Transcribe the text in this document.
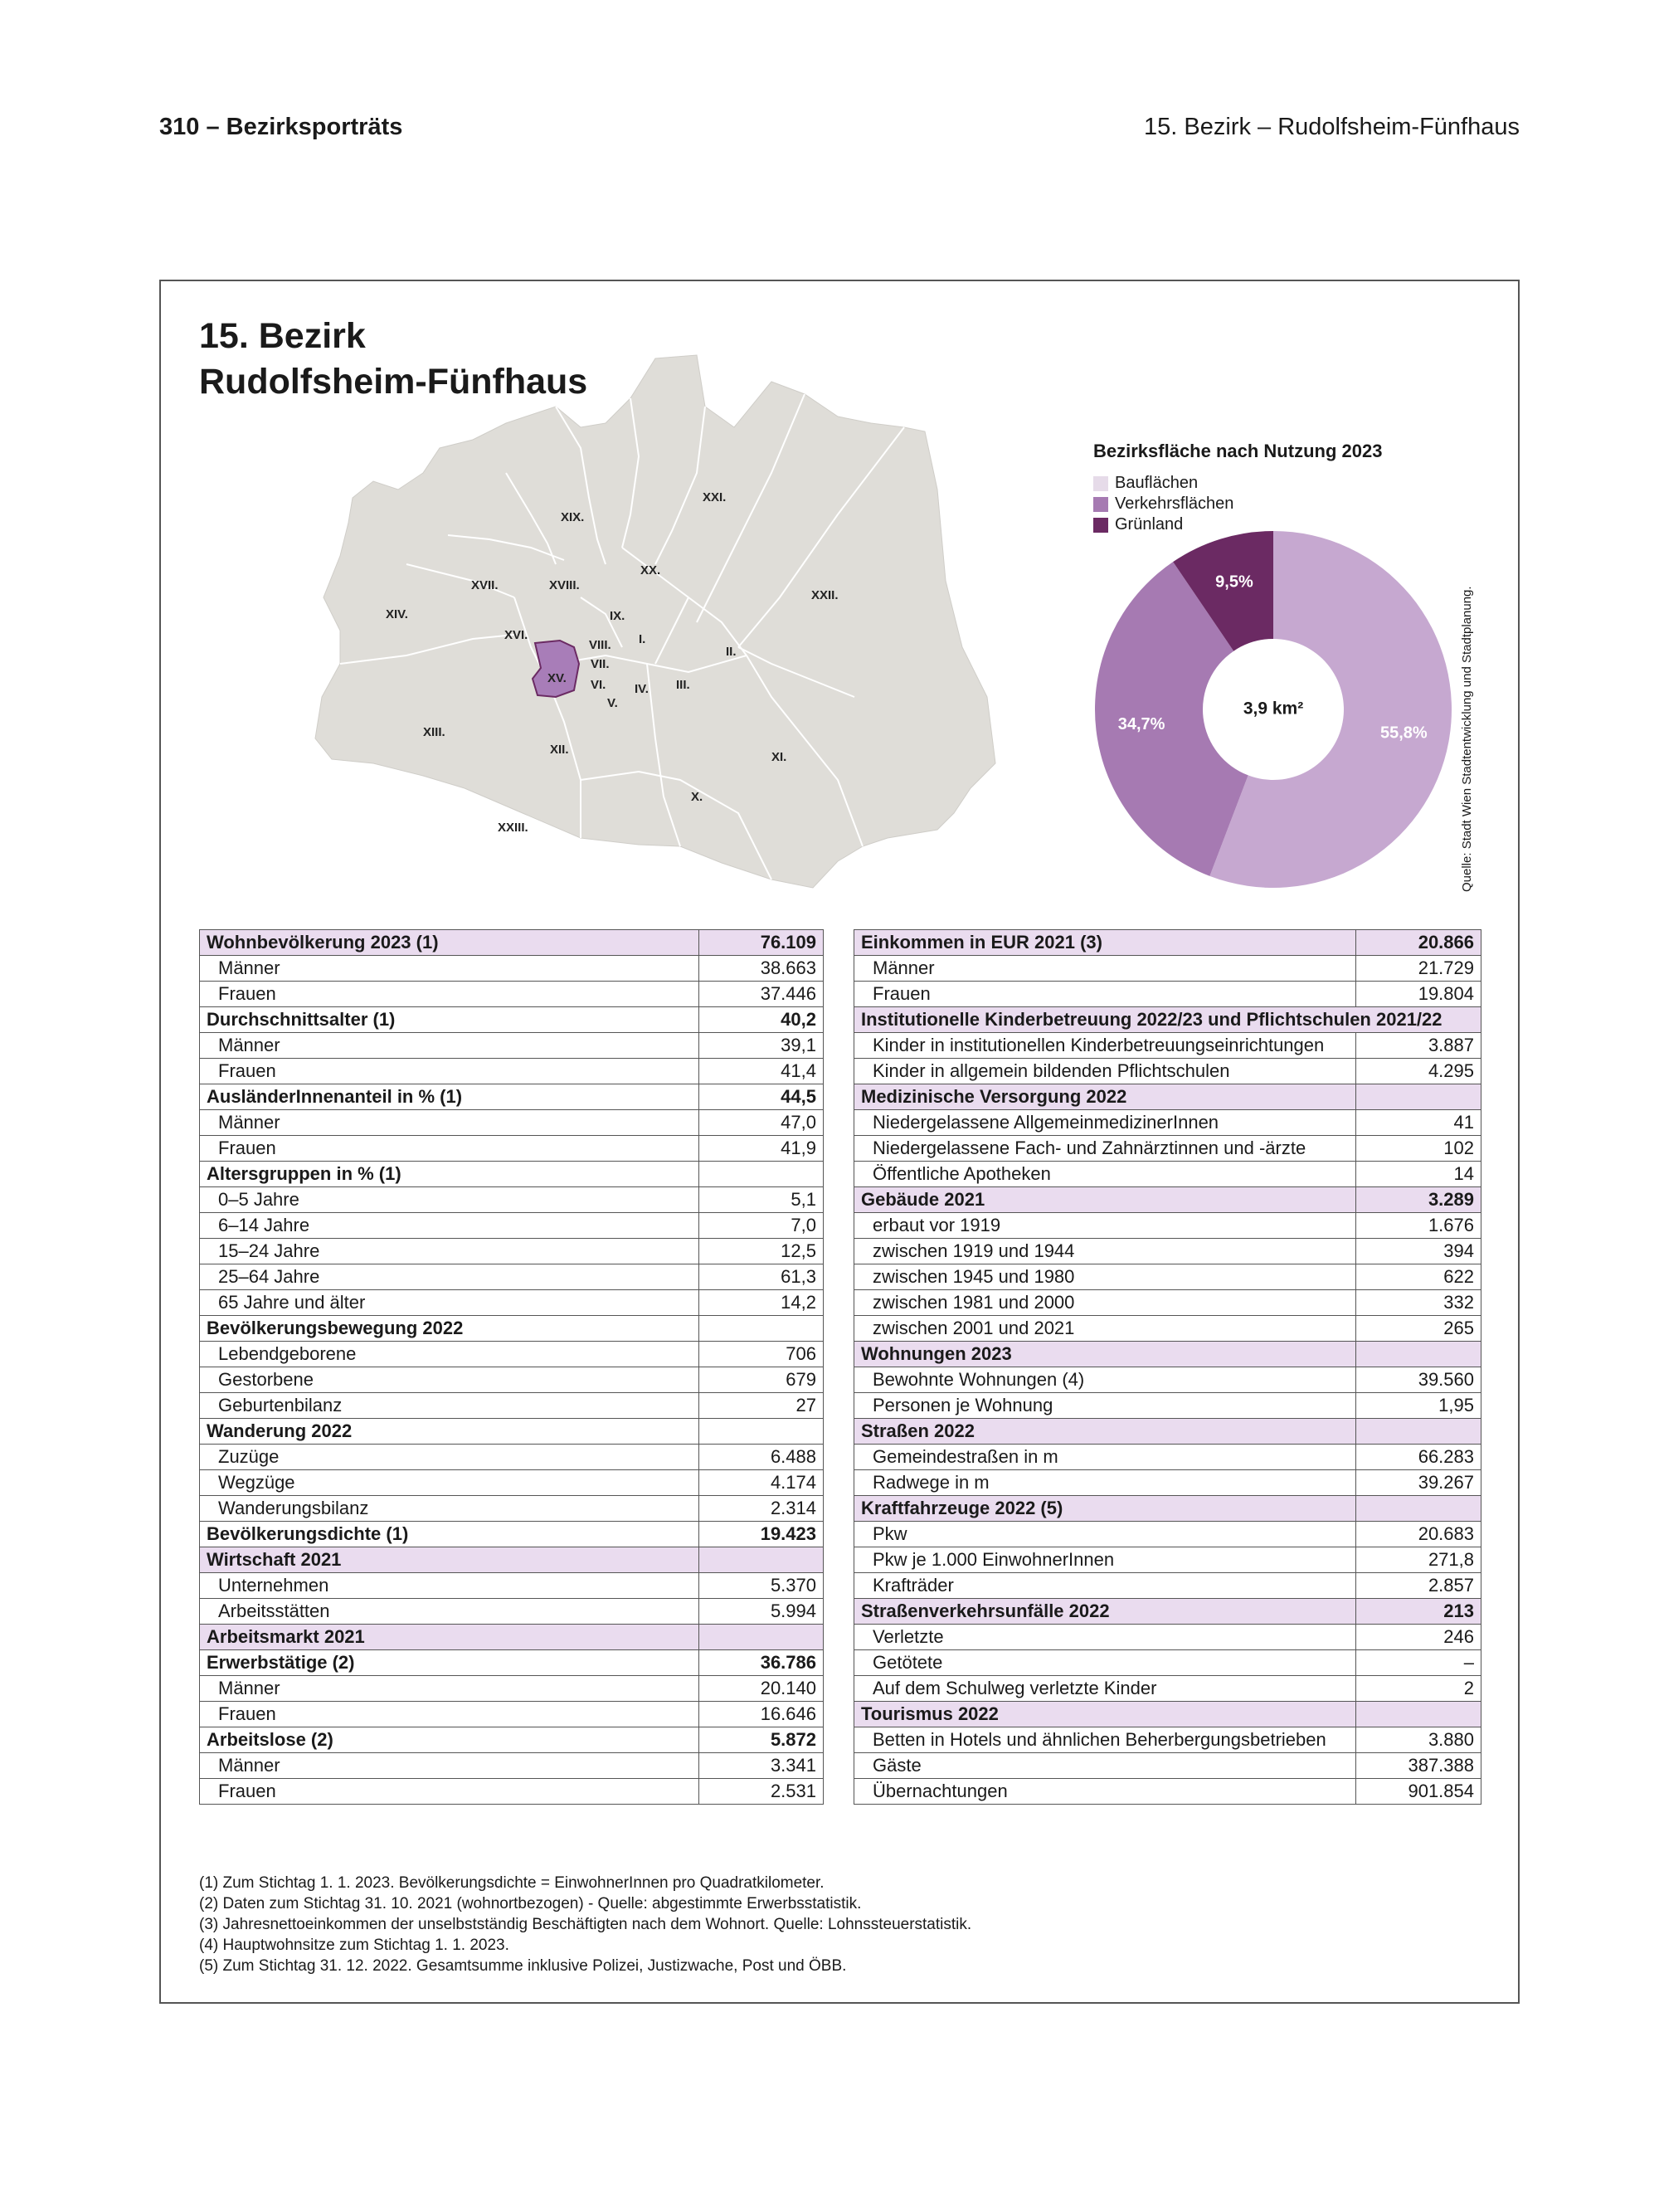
310 – Bezirksporträts	15. Bezirk – Rudolfsheim-Fünfhaus
15. Bezirk
Rudolfsheim-Fünfhaus
I.
II.
III.
IV.
V.
VI.
VII.
VIII.
IX.
X.
XI.
XII.
XIII.
XIV.
XV.
XVI.
XVII.	XVIII.
XIX.
XX.
XXI.
XXII.
XXIII.
Bezirksfläche nach Nutzung 2023
Bauflächen
Verkehrsflächen
Grünland
55,8%
34,7%
9,5%
3,9 km²	Quelle: Stadt Wien Stadtentwicklung und Stadtplanung.
Wohnbevölkerung 2023 (1)	76.109
Männer	38.663
Frauen	37.446
Durchschnittsalter (1)	40,2
Männer	39,1
Frauen	41,4
AusländerInnenanteil in % (1)	44,5
Männer	47,0
Frauen	41,9
Altersgruppen in % (1)	
0–5 Jahre	5,1
6–14 Jahre	7,0
15–24 Jahre	12,5
25–64 Jahre	61,3
65 Jahre und älter	14,2
Bevölkerungsbewegung 2022	
Lebendgeborene	706
Gestorbene	679
Geburtenbilanz	27
Wanderung 2022	
Zuzüge	6.488
Wegzüge	4.174
Wanderungsbilanz	2.314
Bevölkerungsdichte (1)	19.423
Wirtschaft 2021	
Unternehmen	5.370
Arbeitsstätten	5.994
Arbeitsmarkt 2021	
Erwerbstätige (2)	36.786
Männer	20.140
Frauen	16.646
Arbeitslose (2)	5.872
Männer	3.341
Frauen	2.531
Einkommen in EUR 2021 (3)	20.866
Männer	21.729
Frauen	19.804
Institutionelle Kinderbetreuung 2022/23 und Pflichtschulen 2021/22	
Kinder in institutionellen Kinderbetreuungseinrichtungen	3.887
Kinder in allgemein bildenden Pflichtschulen	4.295
Medizinische Versorgung 2022	
Niedergelassene AllgemeinmedizinerInnen	41
Niedergelassene Fach- und Zahnärztinnen und -ärzte	102
Öffentliche Apotheken	14
Gebäude 2021	3.289
erbaut vor 1919	1.676
zwischen 1919 und 1944	394
zwischen 1945 und 1980	622
zwischen 1981 und 2000	332
zwischen 2001 und 2021	265
Wohnungen 2023	
Bewohnte Wohnungen (4)	39.560
Personen je Wohnung	1,95
Straßen 2022	
Gemeindestraßen in m	66.283
Radwege in m	39.267
Kraftfahrzeuge 2022 (5)	
Pkw	20.683
Pkw je 1.000 EinwohnerInnen	271,8
Krafträder	2.857
Straßenverkehrsunfälle 2022	213
Verletzte	246
Getötete	–
Auf dem Schulweg verletzte Kinder	2
Tourismus 2022	
Betten in Hotels und ähnlichen Beherbergungsbetrieben	3.880
Gäste	387.388
Übernachtungen	901.854
(1) Zum Stichtag 1. 1. 2023. Bevölkerungsdichte = EinwohnerInnen pro Quadratkilometer.
(2) Daten zum Stichtag 31. 10. 2021 (wohnortbezogen) - Quelle: abgestimmte Erwerbsstatistik.
(3) Jahresnettoeinkommen der unselbstständig Beschäftigten nach dem Wohnort. Quelle: Lohnssteuerstatistik.
(4) Hauptwohnsitze zum Stichtag 1. 1. 2023.
(5) Zum Stichtag 31. 12. 2022. Gesamtsumme inklusive Polizei, Justizwache, Post und ÖBB.
